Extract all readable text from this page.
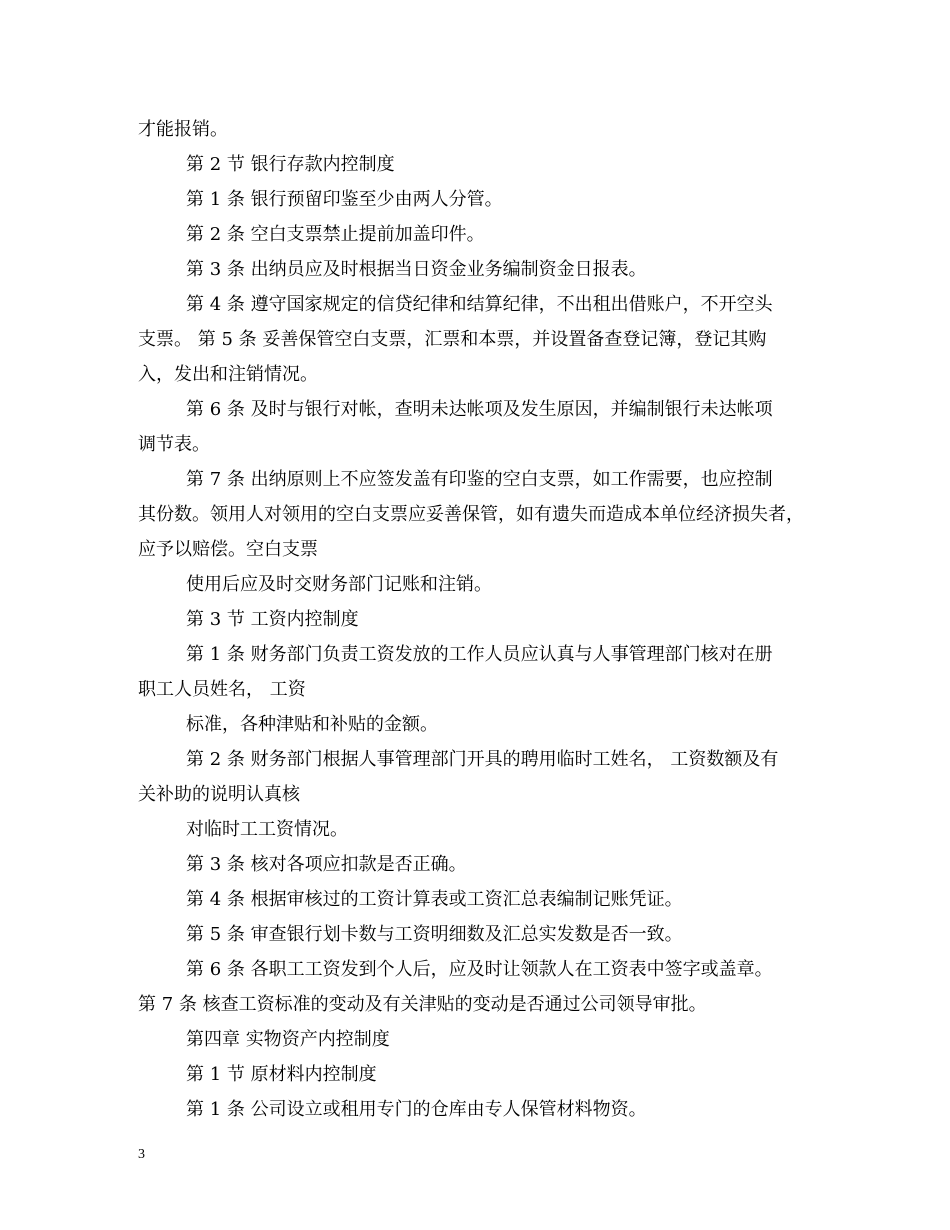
才能报销。
第 2 节 银行存款内控制度
第 1 条 银行预留印鉴至少由两人分管。
第 2 条 空白支票禁止提前加盖印件。
第 3 条 出纳员应及时根据当日资金业务编制资金日报表。
第 4 条 遵守国家规定的信贷纪律和结算纪律，不出租出借账户，不开空头
支票。 第 5 条 妥善保管空白支票，汇票和本票，并设置备查登记簿，登记其购
入，发出和注销情况。
第 6 条 及时与银行对帐，查明未达帐项及发生原因，并编制银行未达帐项
调节表。
第 7 条 出纳原则上不应签发盖有印鉴的空白支票，如工作需要，也应控制
其份数。领用人对领用的空白支票应妥善保管，如有遗失而造成本单位经济损失者，
应予以赔偿。空白支票
使用后应及时交财务部门记账和注销。
第 3 节 工资内控制度
第 1 条 财务部门负责工资发放的工作人员应认真与人事管理部门核对在册
职工人员姓名， 工资
标准，各种津贴和补贴的金额。
第 2 条 财务部门根据人事管理部门开具的聘用临时工姓名， 工资数额及有
关补助的说明认真核
对临时工工资情况。
第 3 条 核对各项应扣款是否正确。
第 4 条 根据审核过的工资计算表或工资汇总表编制记账凭证。
第 5 条 审查银行划卡数与工资明细数及汇总实发数是否一致。
第 6 条 各职工工资发到个人后，应及时让领款人在工资表中签字或盖章。
第 7 条 核查工资标准的变动及有关津贴的变动是否通过公司领导审批。
第四章 实物资产内控制度
第 1 节 原材料内控制度
第 1 条 公司设立或租用专门的仓库由专人保管材料物资。
3
